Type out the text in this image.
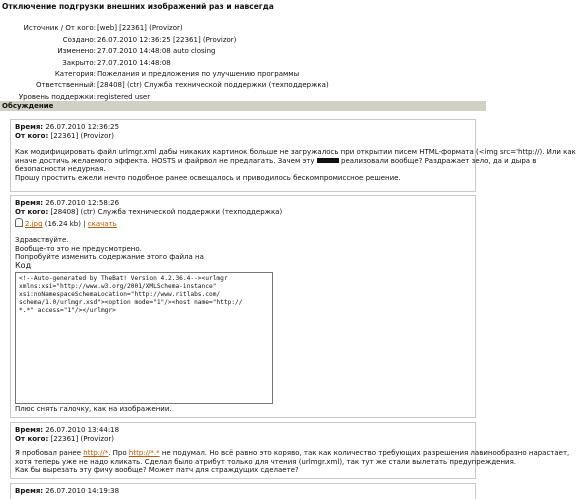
Отключение подгрузки внешних изображений раз и навсегда
Источник / От кого: [web] [22361] (Provizor)
Создано: 26.07.2010 12:36:25 [22361] (Provizor)
Изменено: 27.07.2010 14:48:08 auto closing
Закрыто: 27.07.2010 14:48:08
Категория: Пожелания и предложения по улучшению программы
Ответственный: [28408] (ctr) Служба технической поддержки (техподдержка)
Уровень поддержки: registered user
Обсуждение
Время: 26.07.2010 12:36:25
От кого: [22361] (Provizor)
Как модифицировать файл urlmgr.xml дабы никаких картинок больше не загружалось при открытии писем HTML-формата (<img src='http://). Или как
иначе достичь желаемого эффекта. HOSTS и файрвол не предлагать. Зачем эту	реализовали вообще? Раздражает зело, да и дыра в
безопасности недурная.
Прошу простить ежели нечто подобное ранее освещалось и приводилось бескомпромиссное решение.
Время: 26.07.2010 12:58:26
От кого: [28408] (ctr) Служба технической поддержки (техподдержка)
2.jpg (16.24 kb) | скачать
Здравствуйте.
Вообще-то это не предусмотрено.
Попробуйте изменить содержание этого файла на
Код
<!--Auto-generated by TheBat! Version 4.2.36.4--><urlmgr
xmlns:xsi="http://www.w3.org/2001/XMLSchema-instance"
xsi:noNamespaceSchemaLocation="http://www.ritlabs.com/
schema/1.0/urlmgr.xsd"><option mode="1"/><host name="http://
*.*" access="1"/></urlmgr>
Плюс снять галочку, как на изображении.
Время: 26.07.2010 13:44:18
От кого: [22361] (Provizor)
Я пробовал ранее http://*. Про http://*.* не подумал. Но всё равно это коряво, так как количество требующих разрешения лавинообразно нарастает,
хотя теперь уже не надо кликать. Сделал было атрибут только для чтения (urlmgr.xml), так тут же стали вылетать предупреждения.
Как бы вырезать эту фичу вообще? Может патч для страждущих сделаете?
Время: 26.07.2010 14:19:38
